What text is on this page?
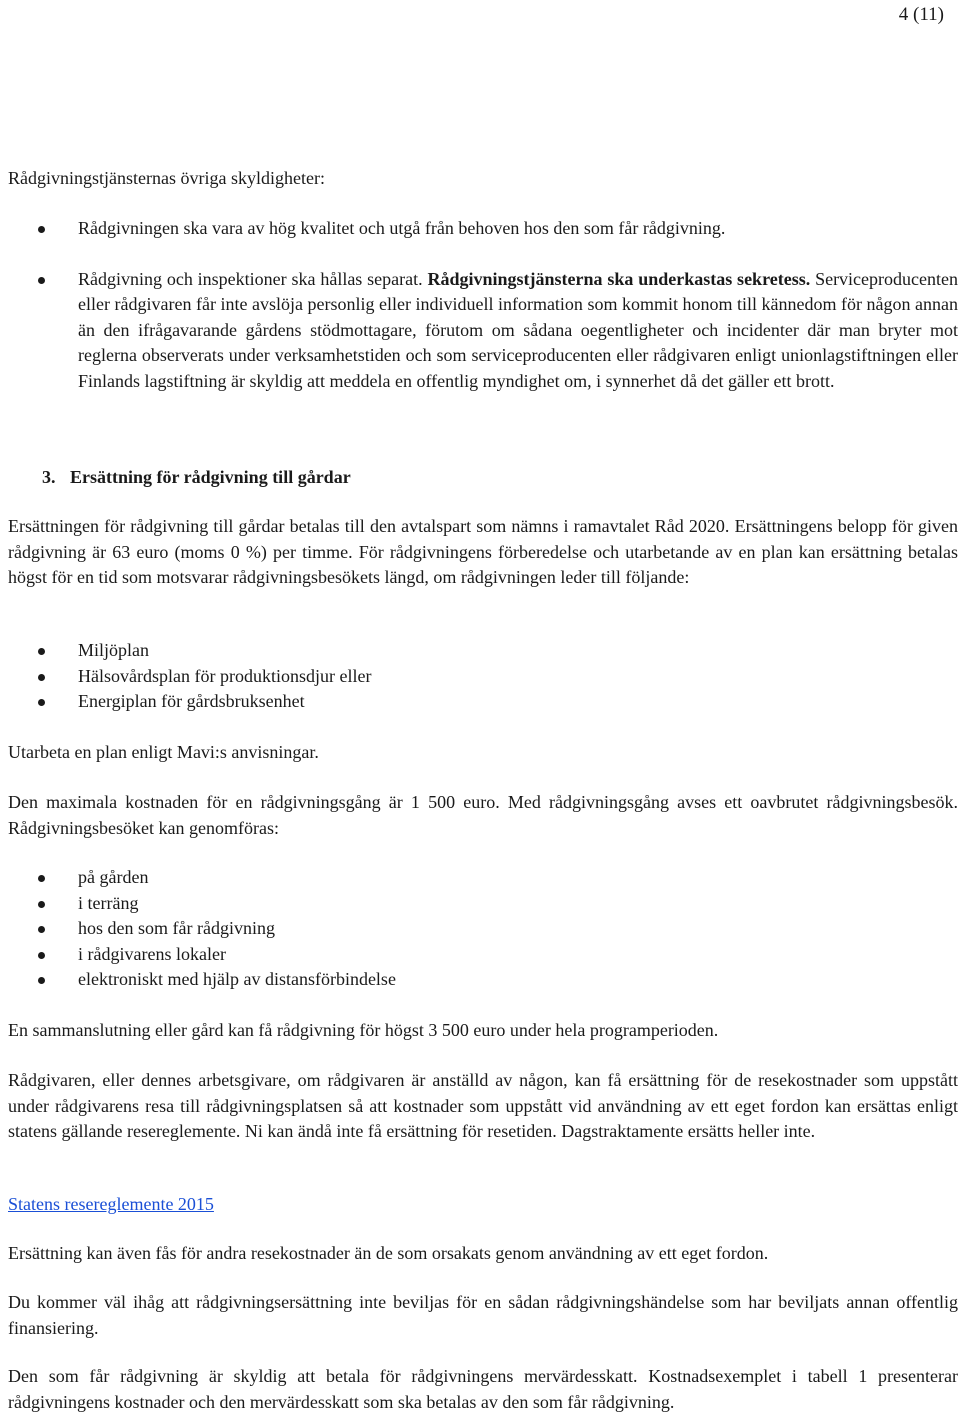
4 (11)

Rådgivningstjänsternas övriga skyldigheter:

Rådgivningen ska vara av hög kvalitet och utgå från behoven hos den som får rådgivning.
Rådgivning och inspektioner ska hållas separat. Rådgivningstjänsterna ska underkastas sekretess. Serviceproducenten eller rådgivaren får inte avslöja personlig eller individuell information som kommit honom till kännedom för någon annan än den ifrågavarande gårdens stödmottagare, förutom om sådana oegentligheter och incidenter där man bryter mot reglerna observerats under verksamhetstiden och som serviceproducenten eller rådgivaren enligt unionlagstiftningen eller Finlands lagstiftning är skyldig att meddela en offentlig myndighet om, i synnerhet då det gäller ett brott.
3. Ersättning för rådgivning till gårdar

Ersättningen för rådgivning till gårdar betalas till den avtalspart som nämns i ramavtalet Råd 2020. Ersättningens belopp för given rådgivning är 63 euro (moms 0 %) per timme. För rådgivningens förberedelse och utarbetande av en plan kan ersättning betalas högst för en tid som motsvarar rådgivningsbesökets längd, om rådgivningen leder till följande:

Miljöplan
Hälsovårdsplan för produktionsdjur eller
Energiplan för gårdsbruksenhet

Utarbeta en plan enligt Mavi:s anvisningar.

Den maximala kostnaden för en rådgivningsgång är 1 500 euro. Med rådgivningsgång avses ett oavbrutet rådgivningsbesök. Rådgivningsbesöket kan genomföras:

på gården
i terräng
hos den som får rådgivning
i rådgivarens lokaler
elektroniskt med hjälp av distansförbindelse

En sammanslutning eller gård kan få rådgivning för högst 3 500 euro under hela programperioden.

Rådgivaren, eller dennes arbetsgivare, om rådgivaren är anställd av någon, kan få ersättning för de resekostnader som uppstått under rådgivarens resa till rådgivningsplatsen så att kostnader som uppstått vid användning av ett eget fordon kan ersättas enligt statens gällande resereglemente. Ni kan ändå inte få ersättning för resetiden. Dagstraktamente ersätts heller inte.

Statens resereglemente 2015

Ersättning kan även fås för andra resekostnader än de som orsakats genom användning av ett eget fordon.

Du kommer väl ihåg att rådgivningsersättning inte beviljas för en sådan rådgivningshändelse som har beviljats annan offentlig finansiering.

Den som får rådgivning är skyldig att betala för rådgivningens mervärdesskatt. Kostnadsexemplet i tabell 1 presenterar rådgivningens kostnader och den mervärdesskatt som ska betalas av den som får rådgivning.
